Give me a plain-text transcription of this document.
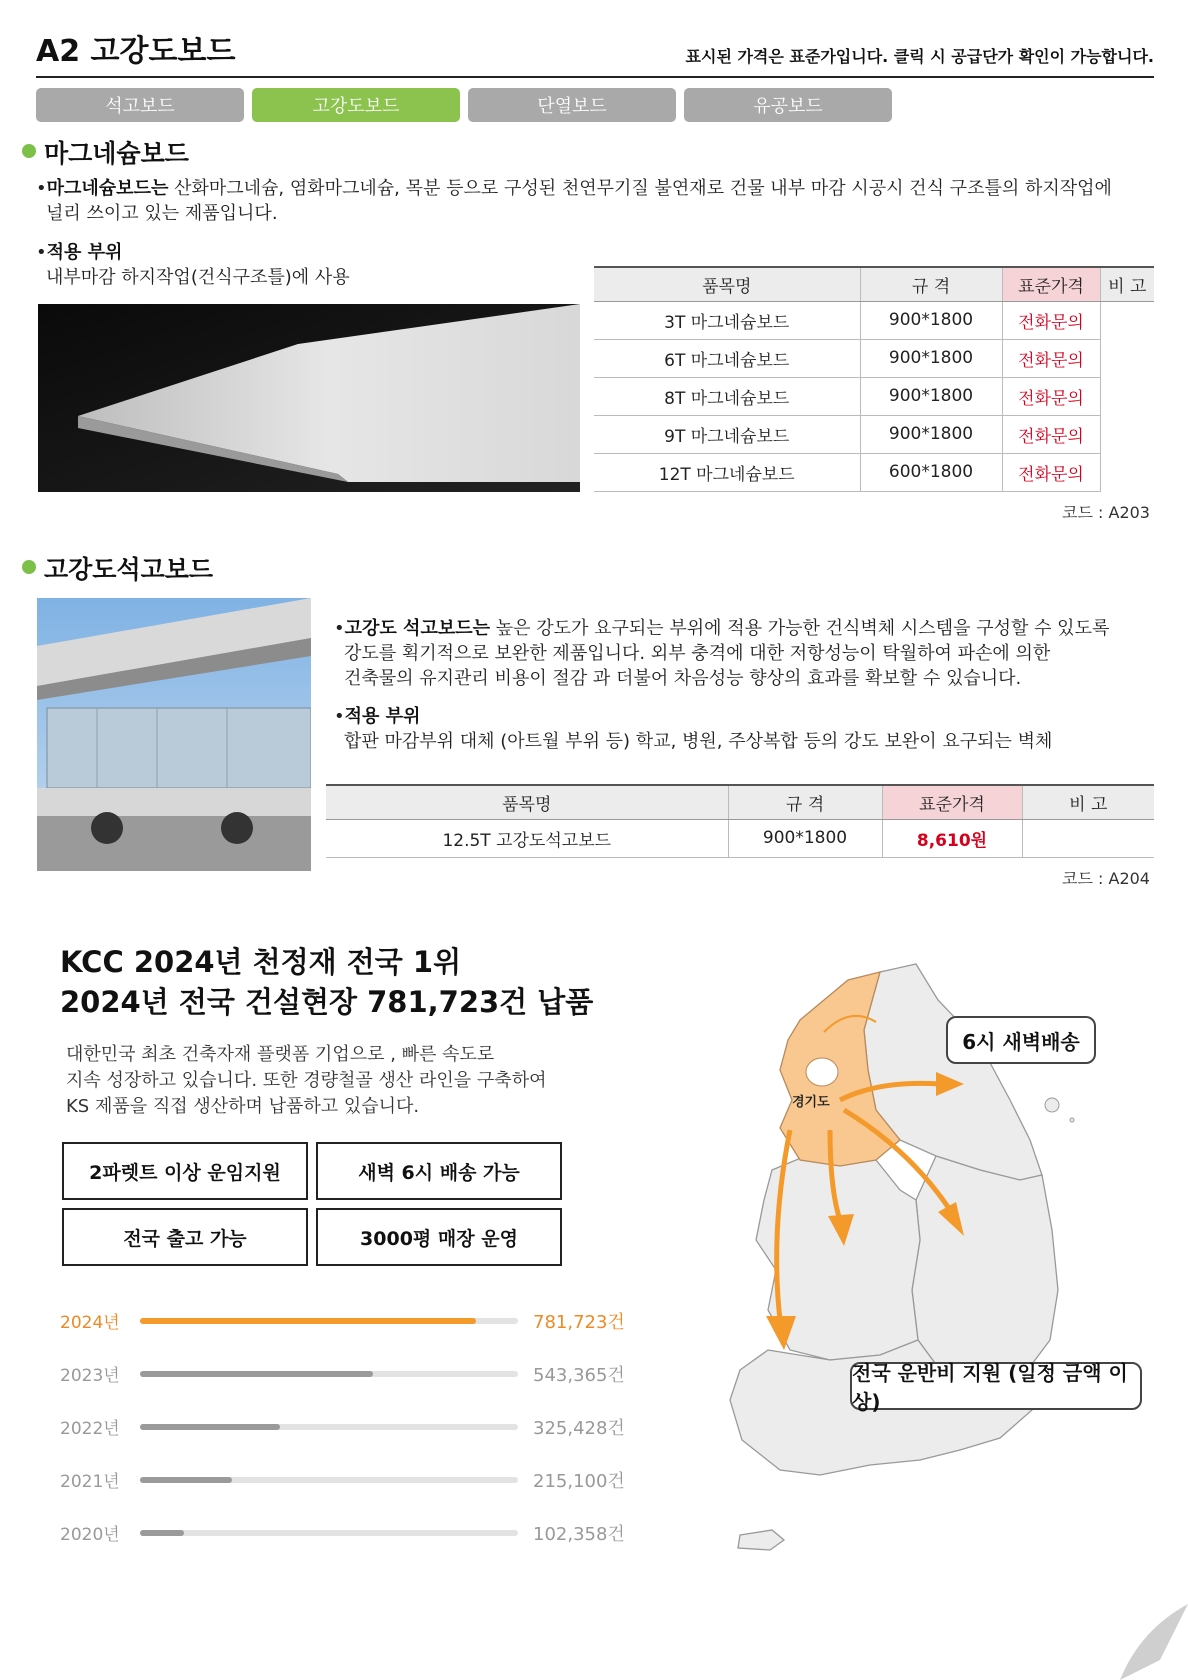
A2 고강도보드	표시된 가격은 표준가입니다. 클릭 시 공급단가 확인이 가능합니다.
석고보드	고강도보드	단열보드	유공보드
마그네슘보드
•마그네슘보드는 산화마그네슘, 염화마그네슘, 목분 등으로 구성된 천연무기질 불연재로 건물 내부 마감 시공시 건식 구조틀의 하지작업에
널리 쓰이고 있는 제품입니다.
•적용 부위
내부마감 하지작업(건식구조틀)에 사용	품목명	규 격	표준가격	비 고
3T 마그네슘보드	900*1800	전화문의	
6T 마그네슘보드	900*1800	전화문의	
8T 마그네슘보드	900*1800	전화문의	
9T 마그네슘보드	900*1800	전화문의	
12T 마그네슘보드	600*1800	전화문의	
코드 : A203
고강도석고보드
•고강도 석고보드는 높은 강도가 요구되는 부위에 적용 가능한 건식벽체 시스템을 구성할 수 있도록
강도를 획기적으로 보완한 제품입니다. 외부 충격에 대한 저항성능이 탁월하여 파손에 의한
건축물의 유지관리 비용이 절감 과 더불어 차음성능 향상의 효과를 확보할 수 있습니다.
•적용 부위
합판 마감부위 대체 (아트월 부위 등) 학교, 병원, 주상복합 등의 강도 보완이 요구되는 벽체
품목명	규 격	표준가격	비 고
12.5T 고강도석고보드	900*1800	8,610원	
코드 : A204
KCC 2024년 천정재 전국 1위
2024년 전국 건설현장 781,723건 납품
대한민국 최초 건축자재 플랫폼 기업으로 , 빠른 속도로
지속 성장하고 있습니다. 또한 경량철골 생산 라인을 구축하여
KS 제품을 직접 생산하며 납품하고 있습니다.
2파렛트 이상 운임지원	새벽 6시 배송 가능
전국 출고 가능	3000평 매장 운영
2024년	781,723건
2023년	543,365건
2022년	325,428건
2021년	215,100건
2020년	102,358건
경기도
6시 새벽배송
전국 운반비 지원 (일정 금액 이상)
